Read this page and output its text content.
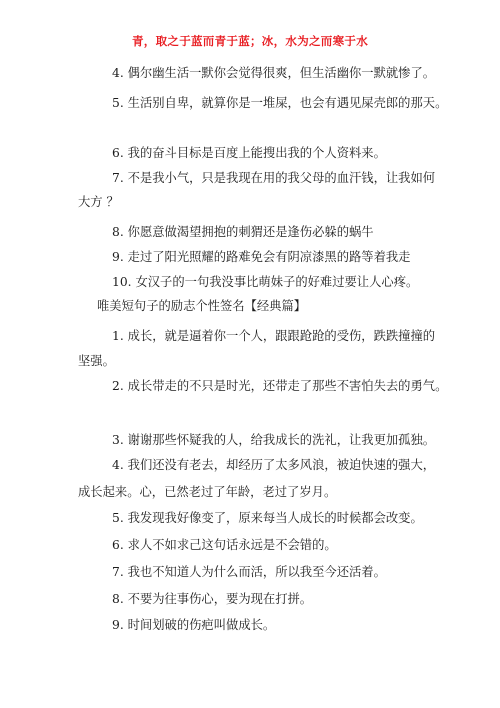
青，取之于蓝而青于蓝；冰，水为之而寒于水
4. 偶尔幽生活一默你会觉得很爽，但生活幽你一默就惨了。
5. 生活别自卑，就算你是一堆屎，也会有遇见屎壳郎的那天。
6. 我的奋斗目标是百度上能搜出我的个人资料来。
7. 不是我小气，只是我现在用的我父母的血汗钱，让我如何
大方 ？
8. 你愿意做渴望拥抱的刺猬还是逢伤必躲的蜗牛
9. 走过了阳光照耀的路难免会有阴凉漆黑的路等着我走
10. 女汉子的一句我没事比萌妹子的好难过要让人心疼。
唯美短句子的励志个性签名【经典篇】
1. 成长，就是逼着你一个人，跟跟跄跄的受伤，跌跌撞撞的
坚强。
2. 成长带走的不只是时光，还带走了那些不害怕失去的勇气。
3. 谢谢那些怀疑我的人，给我成长的洗礼，让我更加孤独。
4. 我们还没有老去，却经历了太多风浪，被迫快速的强大，
成长起来。心，已然老过了年龄，老过了岁月。
5. 我发现我好像变了，原来每当人成长的时候都会改变。
6. 求人不如求己这句话永远是不会错的。
7. 我也不知道人为什么而活，所以我至今还活着。
8. 不要为往事伤心，要为现在打拼。
9. 时间划破的伤疤叫做成长。
